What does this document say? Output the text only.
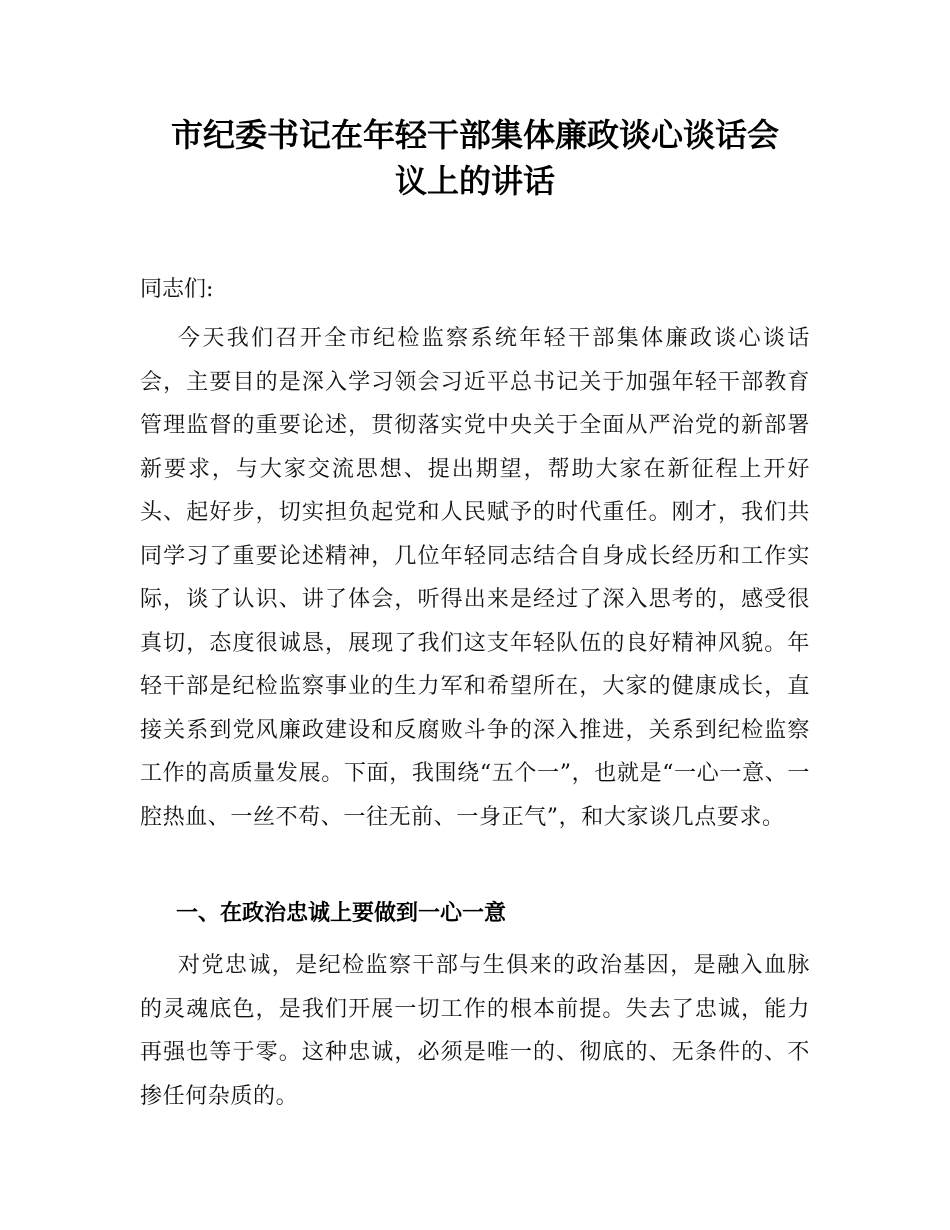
市纪委书记在年轻干部集体廉政谈心谈话会
议上的讲话

同志们:

今天我们召开全市纪检监察系统年轻干部集体廉政谈心谈话会，主要目的是深入学习领会习近平总书记关于加强年轻干部教育管理监督的重要论述，贯彻落实党中央关于全面从严治党的新部署新要求，与大家交流思想、提出期望，帮助大家在新征程上开好头、起好步，切实担负起党和人民赋予的时代重任。刚才，我们共同学习了重要论述精神，几位年轻同志结合自身成长经历和工作实际，谈了认识、讲了体会，听得出来是经过了深入思考的，感受很真切，态度很诚恳，展现了我们这支年轻队伍的良好精神风貌。年轻干部是纪检监察事业的生力军和希望所在，大家的健康成长，直接关系到党风廉政建设和反腐败斗争的深入推进，关系到纪检监察工作的高质量发展。下面，我围绕“五个一”，也就是“一心一意、一腔热血、一丝不苟、一往无前、一身正气”，和大家谈几点要求。

一、在政治忠诚上要做到一心一意

对党忠诚，是纪检监察干部与生俱来的政治基因，是融入血脉的灵魂底色，是我们开展一切工作的根本前提。失去了忠诚，能力再强也等于零。这种忠诚，必须是唯一的、彻底的、无条件的、不掺任何杂质的。
